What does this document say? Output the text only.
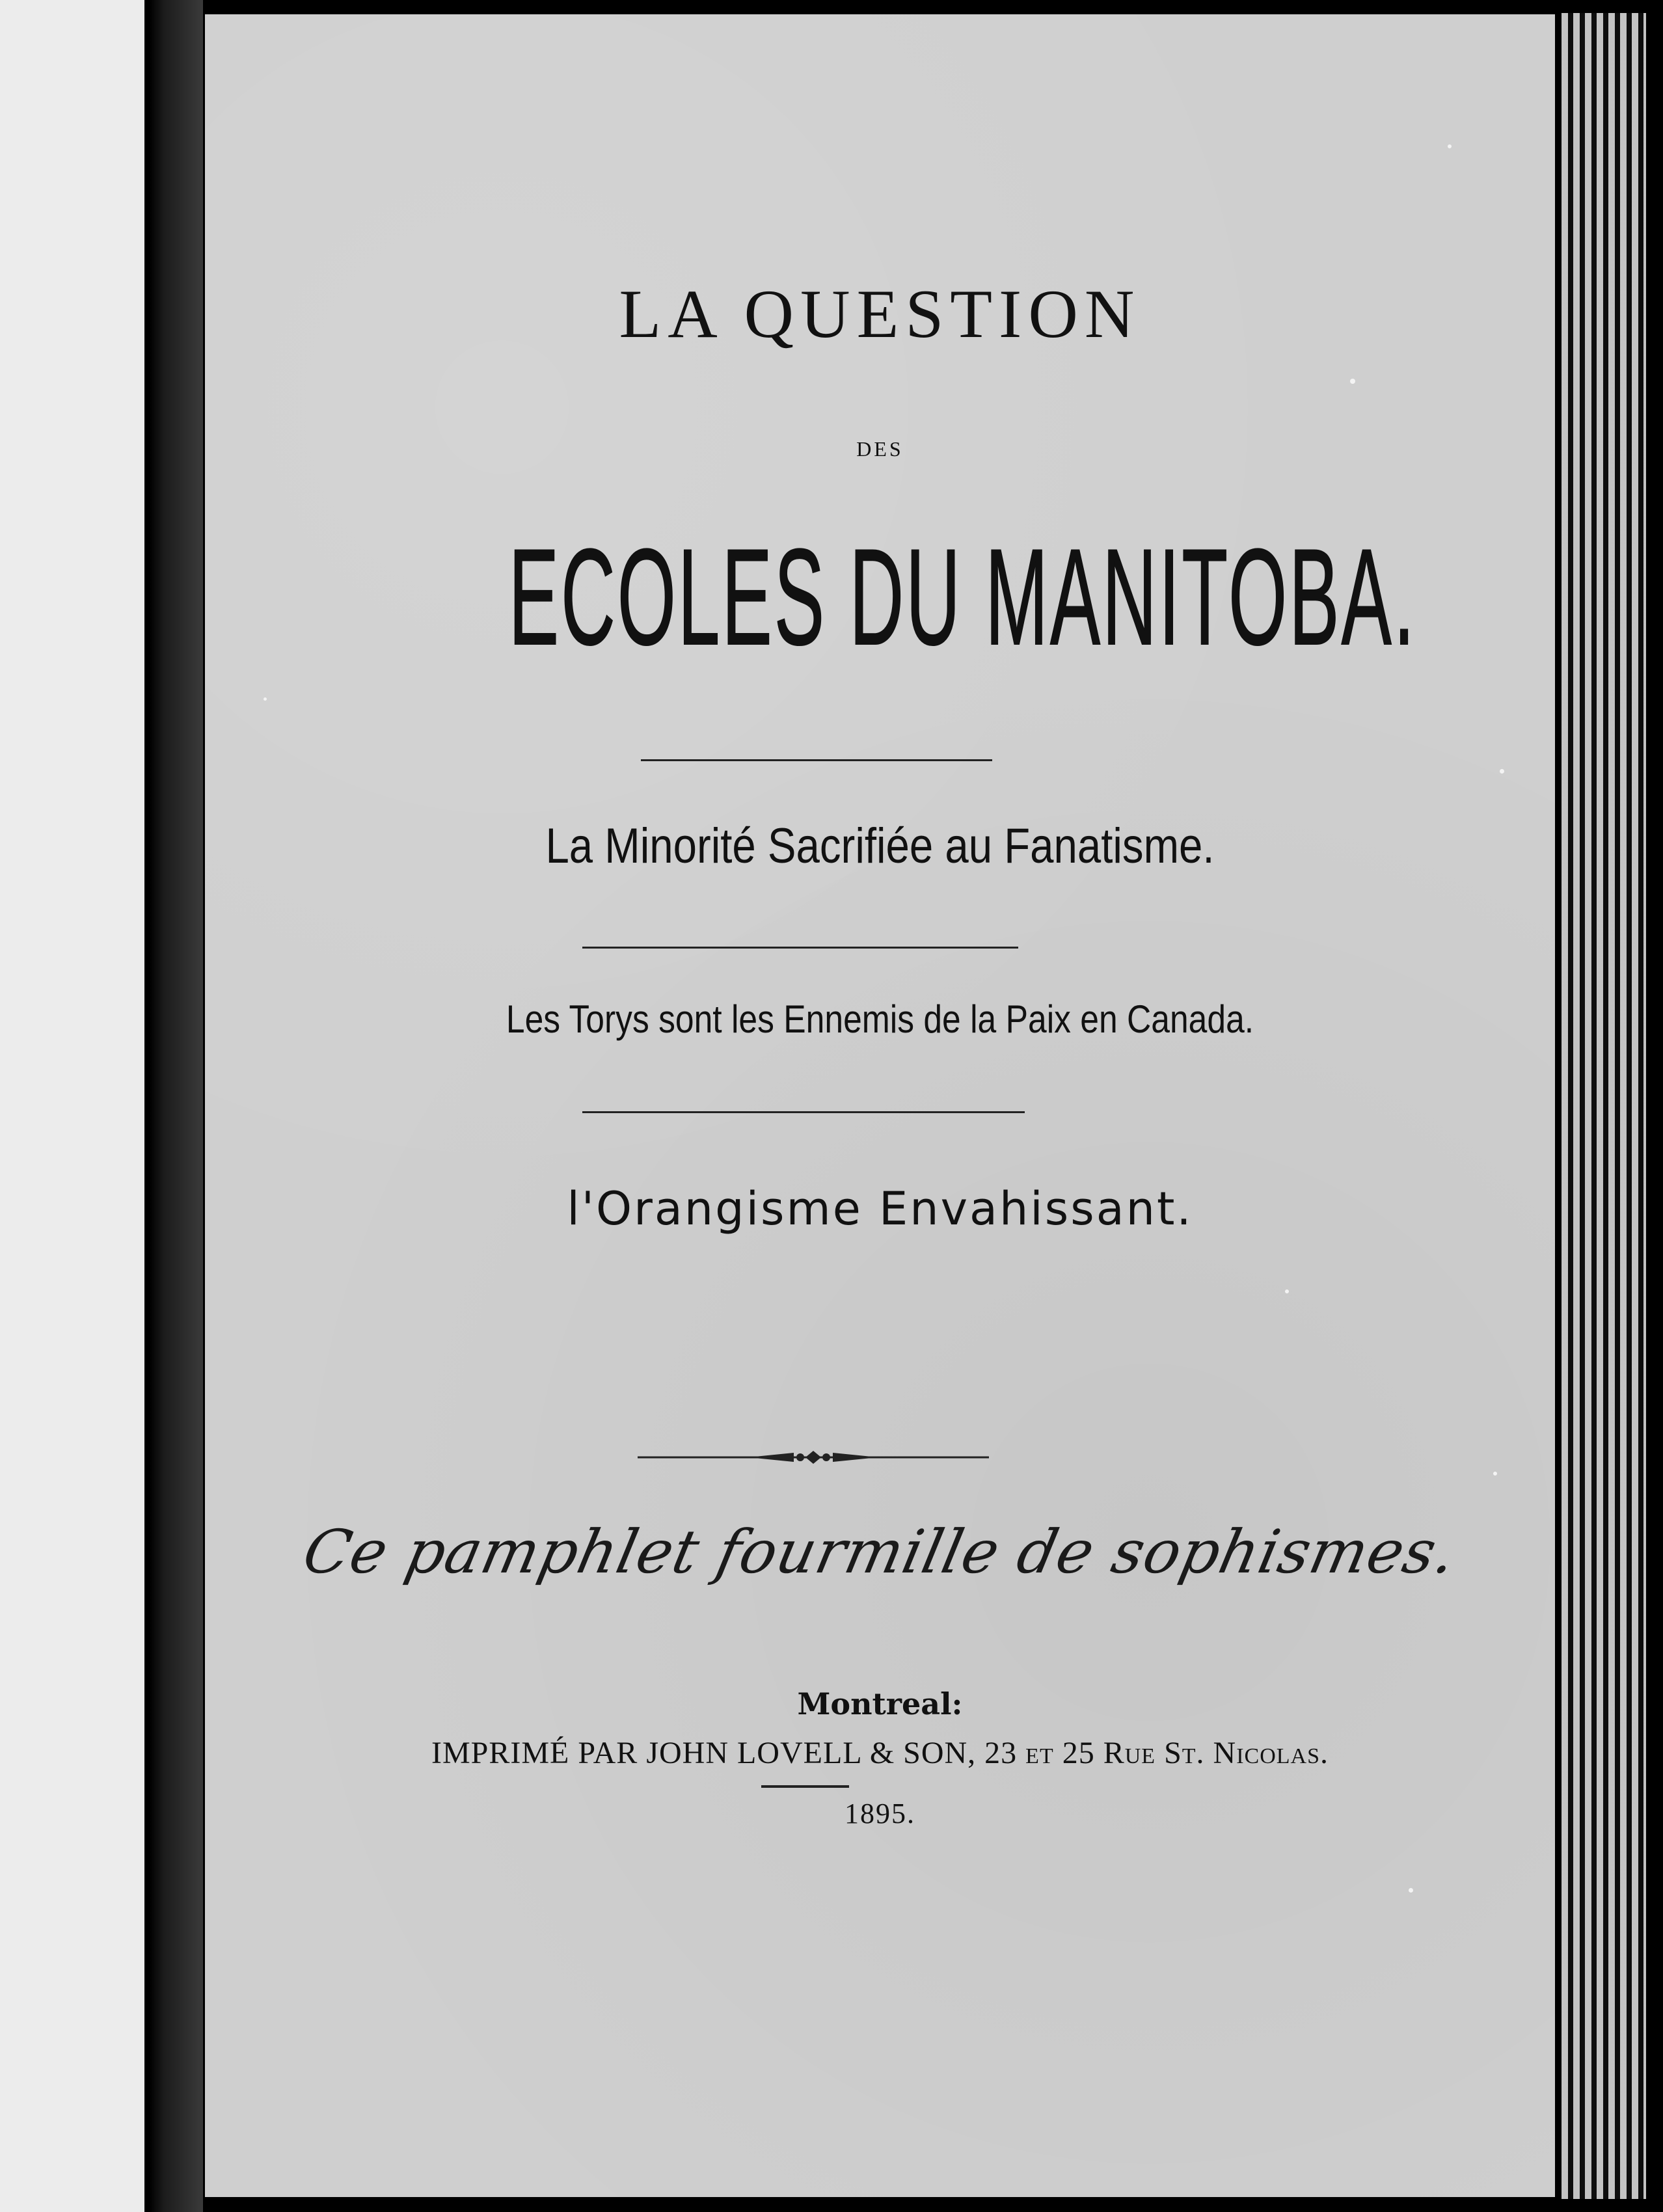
LA QUESTION
DES
ECOLES DU MANITOBA.
La Minorité Sacrifiée au Fanatisme.
Les Torys sont les Ennemis de la Paix en Canada.
l'Orangisme Envahissant.
Ce pamphlet fourmille de sophismes.
Montreal:
IMPRIMÉ PAR JOHN LOVELL & SON, 23 ET 25 RUE ST. NICOLAS.
1895.
